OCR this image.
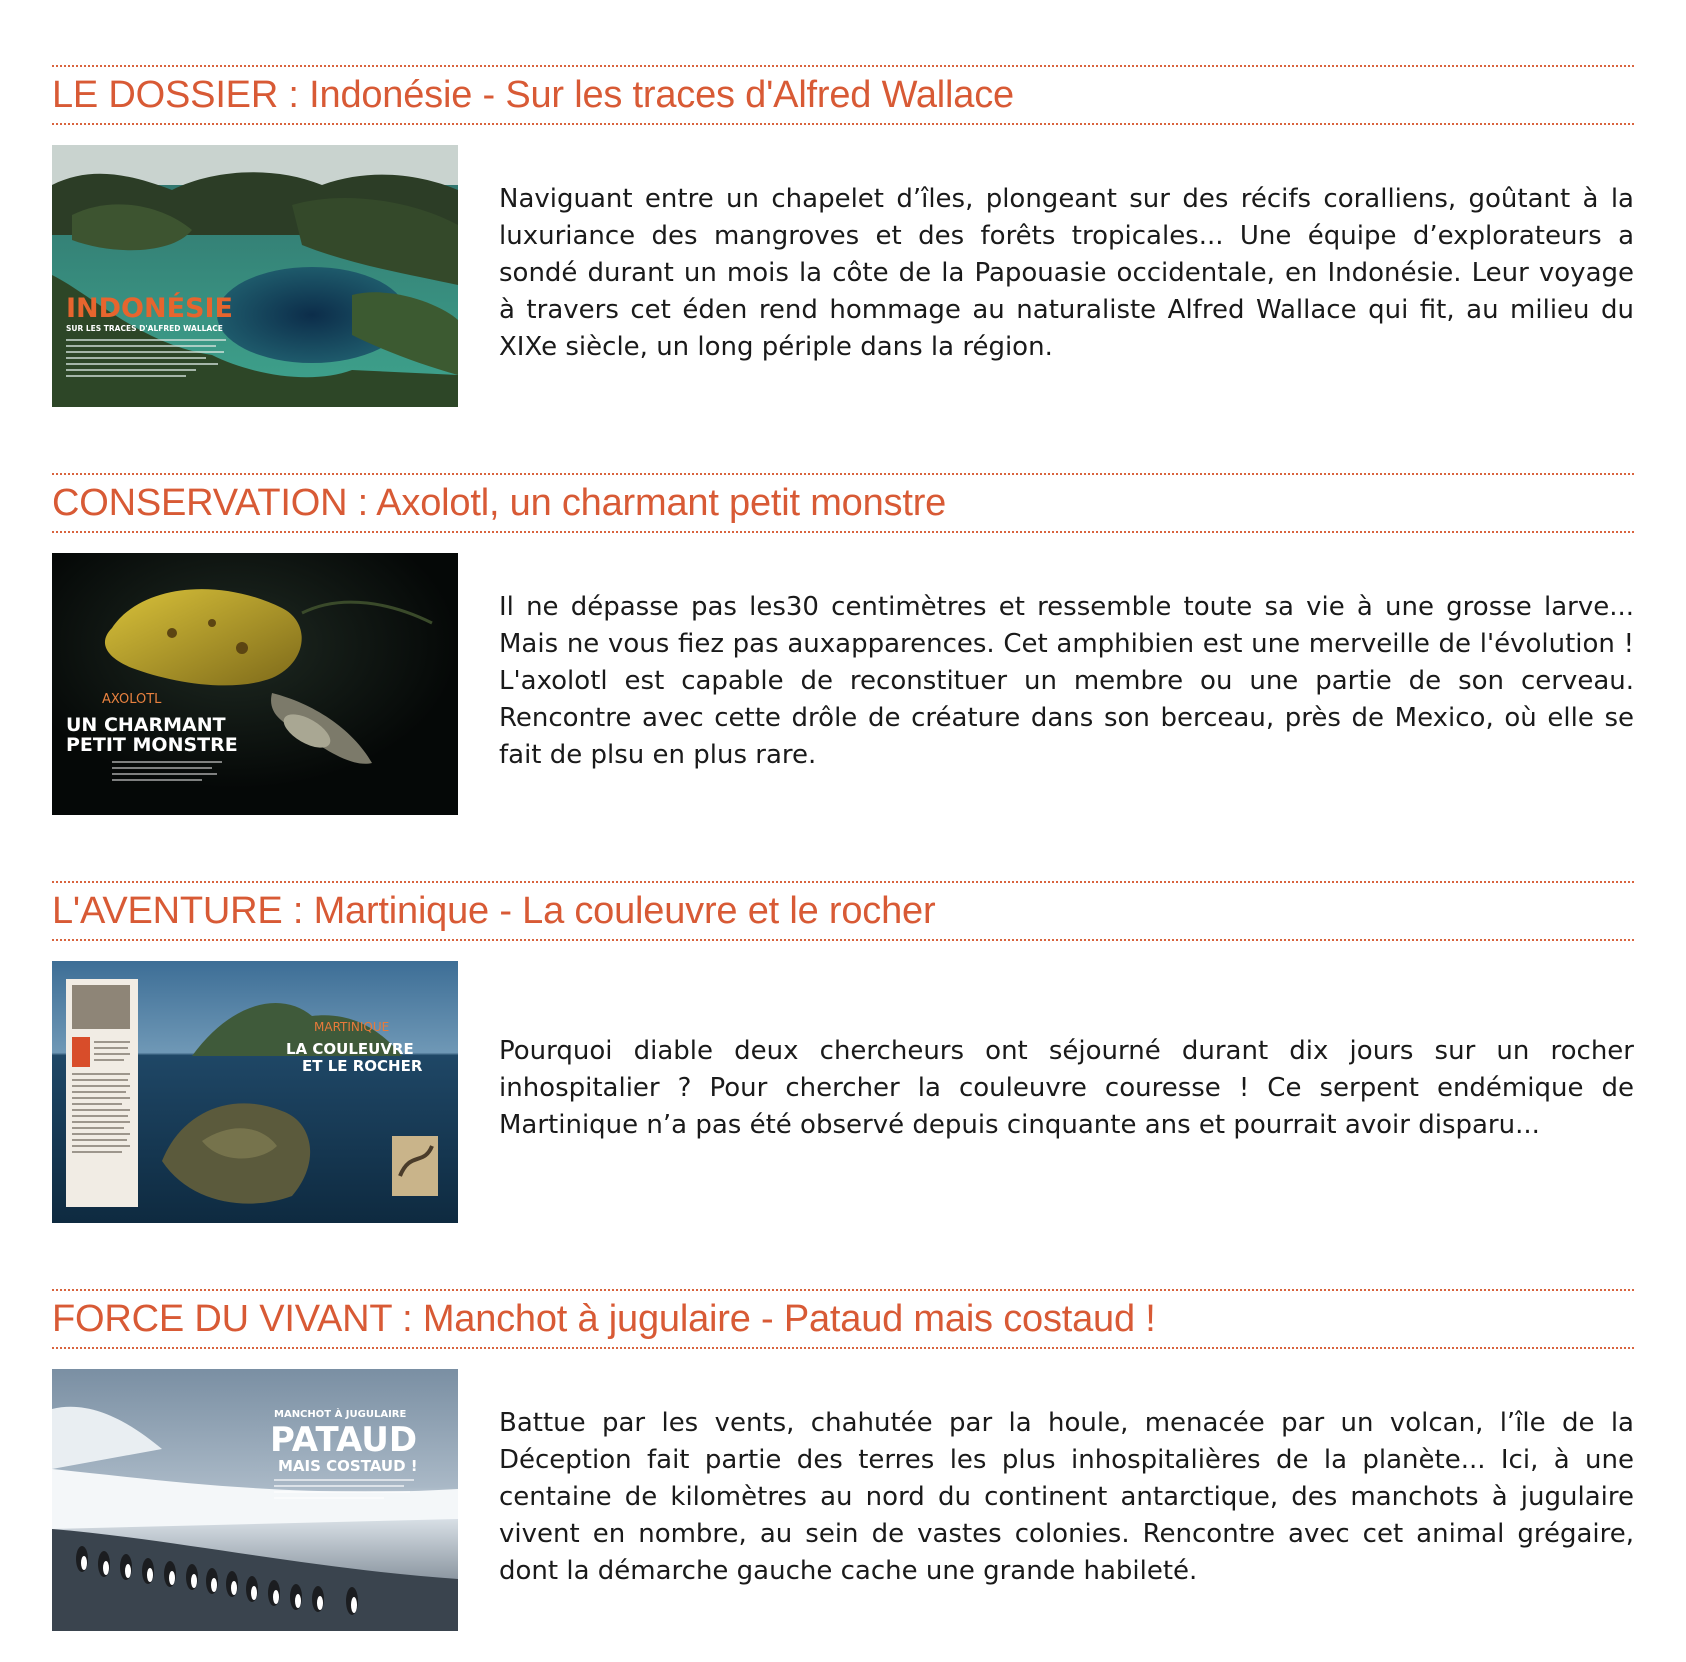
LE DOSSIER : Indonésie - Sur les traces d'Alfred Wallace
INDONÉSIE
SUR LES TRACES D'ALFRED WALLACE
Naviguant entre un chapelet d’îles, plongeant sur des récifs coralliens, goûtant à la luxuriance des mangroves et des forêts tropicales... Une équipe d’explorateurs a sondé durant un mois la côte de la Papouasie occidentale, en Indonésie. Leur voyage à travers cet éden rend hommage au naturaliste Alfred Wallace qui fit, au milieu du XIXe siècle, un long périple dans la région.
CONSERVATION : Axolotl, un charmant petit monstre
AXOLOTL
UN CHARMANT
PETIT MONSTRE
Il ne dépasse pas les30 centimètres et ressemble toute sa vie à une grosse larve... Mais ne vous fiez pas auxapparences. Cet amphibien est une merveille de l'évolution ! L'axolotl est capable de reconstituer un membre ou une partie de son cerveau. Rencontre avec cette drôle de créature dans son berceau, près de Mexico, où elle se fait de plsu en plus rare.
L'AVENTURE : Martinique - La couleuvre et le rocher
MARTINIQUE
LA COULEUVRE
ET LE ROCHER	Pourquoi diable deux chercheurs ont séjourné durant dix jours sur un rocher inhospitalier ? Pour chercher la couleuvre couresse ! Ce serpent endémique de Martinique n’a pas été observé depuis cinquante ans et pourrait avoir disparu...
FORCE DU VIVANT : Manchot à jugulaire - Pataud mais costaud !
MANCHOT À JUGULAIRE
PATAUD
MAIS COSTAUD !
Battue par les vents, chahutée par la houle, menacée par un volcan, l’île de la Déception fait partie des terres les plus inhospitalières de la planète... Ici, à une centaine de kilomètres au nord du continent antarctique, des manchots à jugulaire vivent en nombre, au sein de vastes colonies. Rencontre avec cet animal grégaire, dont la démarche gauche cache une grande habileté.
